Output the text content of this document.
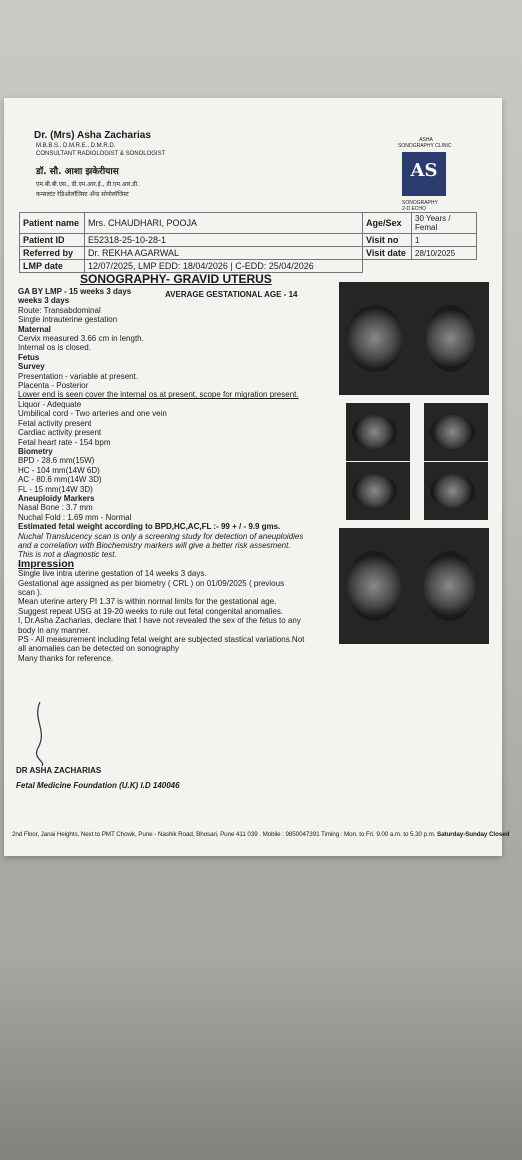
Dr. (Mrs) Asha Zacharias
M.B.B.S., D.M.R.E., D.M.R.D.
CONSULTANT RADIOLOGIST & SONOLOGIST
डॉ. सौ. आशा झकेरीयास
एम.बी.बी.एस., डी.एम.आर.ई., डी.एम.आर.डी.
कन्सल्टंट रेडिओलॉजिस्ट अँन्ड सोनोलॉजिस्ट
ASHA
SONOGRAPHY CLINIC
AS
SONOGRAPHY
2-D ECHO
Patient name	Mrs. CHAUDHARI, POOJA	Age/Sex	30 Years / Femal
Patient ID	E52318-25-10-28-1	Visit no	1
Referred by	Dr. REKHA AGARWAL	Visit date	28/10/2025
LMP date	12/07/2025, LMP EDD: 18/04/2026 | C-EDD: 25/04/2026		
SONOGRAPHY- GRAVID UTERUS
AVERAGE GESTATIONAL AGE - 14
GA BY LMP - 15 weeks 3 days
weeks 3 days
Route: Transabdominal
Single intrauterine gestation
Maternal
Cervix measured 3.66 cm in length.
Internal os is closed.
Fetus
Survey
Presentation - variable at present.
Placenta - Posterior
Lower end is seen cover the internal os at present, scope for migration present.
Liquor - Adequate
Umbilical cord - Two arteries and one vein
Fetal activity present
Cardiac activity present
Fetal heart rate - 154 bpm
Biometry
BPD - 28.6 mm(15W)
HC - 104 mm(14W 6D)
AC - 80.6 mm(14W 3D)
FL - 15 mm(14W 3D)
Aneuploidy Markers
Nasal Bone : 3.7 mm
Nuchal Fold : 1.69 mm - Normal
Estimated fetal weight according to BPD,HC,AC,FL :- 99 + / - 9.9 gms.
Nuchal Translucency scan is only a screening study for detection of aneuploidies
and a correlation with Biochemistry markers will give a better risk assesment.
This is not a diagnostic test.
Impression
Single live intra uterine gestation of 14 weeks 3 days.
Gestational age assigned as per biometry ( CRL ) on 01/09/2025 ( previous
scan ).
Mean uterine artery PI 1.37 is within normal limits for the gestational age.
Suggest repeat USG at 19-20 weeks to rule out fetal congenital anomalies.
I, Dr.Asha Zacharias, declare that I have not revealed the sex of the fetus to any
body in any manner.
PS - All measurement including fetal weight are subjected stastical variations.Not
all anomalies can be detected on sonography
Many thanks for reference.
DR ASHA ZACHARIAS
Fetal Medicine Foundation (U.K) I.D 140046
2nd Floor, Janai Heights, Next to PMT Chowk, Pune - Nashik Road, Bhosari, Pune 411 039 . Mobile : 9850047391 Timing : Mon. to Fri. 9.00 a.m. to 5.30 p.m. Saturday-Sunday Closed
